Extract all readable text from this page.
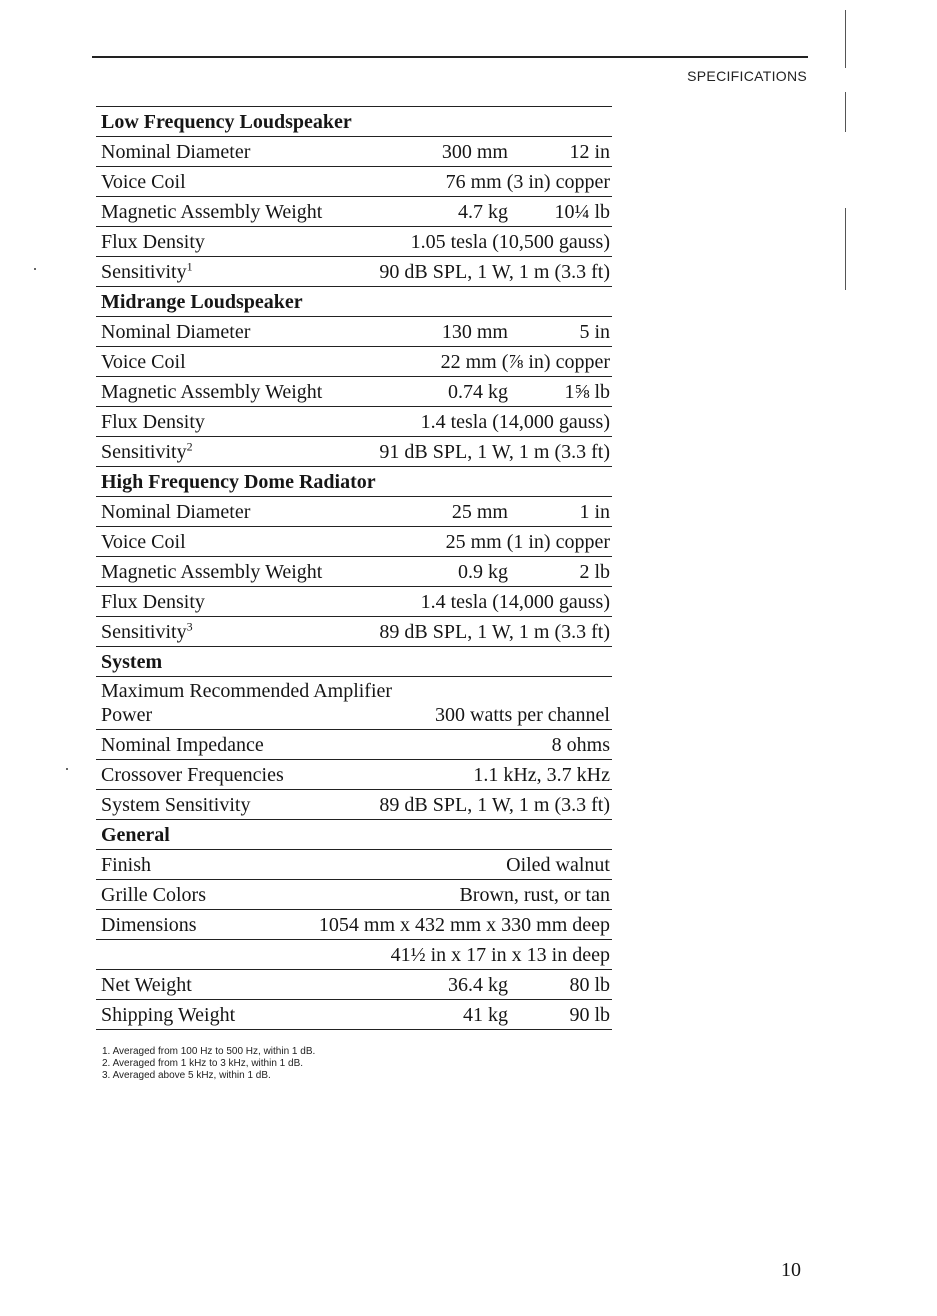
SPECIFICATIONS
Low Frequency Loudspeaker
Nominal Diameter	300 mm	12 in
Voice Coil	76 mm (3 in) copper
Magnetic Assembly Weight	4.7 kg	10¼ lb
Flux Density	1.05 tesla (10,500 gauss)
Sensitivity$^1$	90 dB SPL, 1 W, 1 m (3.3 ft)
Midrange Loudspeaker
Nominal Diameter	130 mm	5 in
Voice Coil	22 mm (⅞ in) copper
Magnetic Assembly Weight	0.74 kg	1⅝ lb
Flux Density	1.4 tesla (14,000 gauss)
Sensitivity$^2$	91 dB SPL, 1 W, 1 m (3.3 ft)
High Frequency Dome Radiator
Nominal Diameter	25 mm	1 in
Voice Coil	25 mm (1 in) copper
Magnetic Assembly Weight	0.9 kg	2 lb
Flux Density	1.4 tesla (14,000 gauss)
Sensitivity$^3$	89 dB SPL, 1 W, 1 m (3.3 ft)
System
Maximum Recommended Amplifier Power	300 watts per channel
Nominal Impedance	8 ohms
Crossover Frequencies	1.1 kHz, 3.7 kHz
System Sensitivity	89 dB SPL, 1 W, 1 m (3.3 ft)
General
Finish	Oiled walnut
Grille Colors	Brown, rust, or tan
Dimensions	1054 mm x 432 mm x 330 mm deep
41½ in x 17 in x 13 in deep
Net Weight	36.4 kg	80 lb
Shipping Weight	41 kg	90 lb
1. Averaged from 100 Hz to 500 Hz, within 1 dB.
2. Averaged from 1 kHz to 3 kHz, within 1 dB.
3. Averaged above 5 kHz, within 1 dB.
10
